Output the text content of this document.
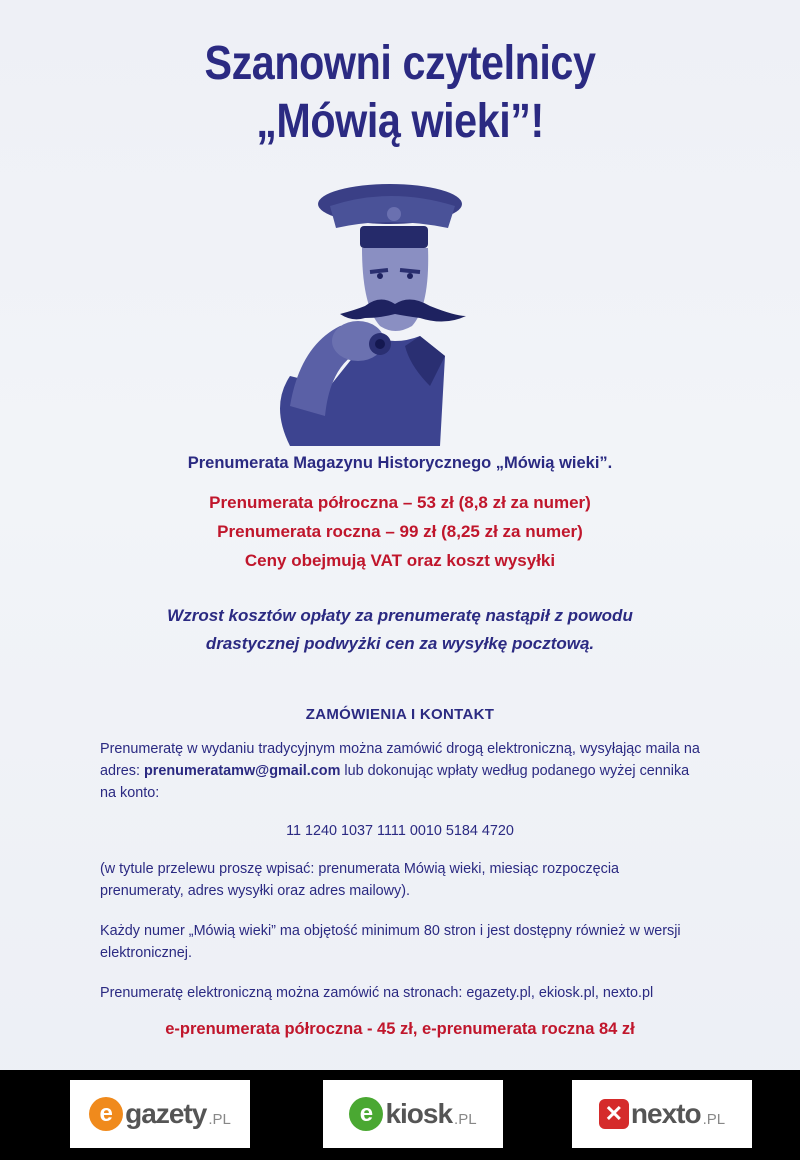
Szanowni czytelnicy
„Mówią wieki”!
Prenumerata Magazynu Historycznego „Mówią wieki”.
Prenumerata półroczna – 53 zł (8,8 zł za numer)
Prenumerata roczna – 99 zł (8,25 zł za numer)
Ceny obejmują VAT oraz koszt wysyłki
Wzrost kosztów opłaty za prenumeratę nastąpił z powodu
drastycznej podwyżki cen za wysyłkę pocztową.
ZAMÓWIENIA I KONTAKT
Prenumeratę w wydaniu tradycyjnym można zamówić drogą elektroniczną, wysyłając maila na adres: prenumeratamw@gmail.com lub dokonując wpłaty według podanego wyżej cennika na konto:
11 1240 1037 1111 0010 5184 4720
(w tytule przelewu proszę wpisać: prenumerata Mówią wieki, miesiąc rozpoczęcia prenumeraty, adres wysyłki oraz adres mailowy).
Każdy numer „Mówią wieki” ma objętość minimum 80 stron i jest dostępny również w wersji elektronicznej.
Prenumeratę elektroniczną można zamówić na stronach: egazety.pl, ekiosk.pl, nexto.pl
e-prenumerata półroczna - 45 zł, e-prenumerata roczna 84 zł
e gazety .PL	e kiosk .PL	✕ nexto .PL
